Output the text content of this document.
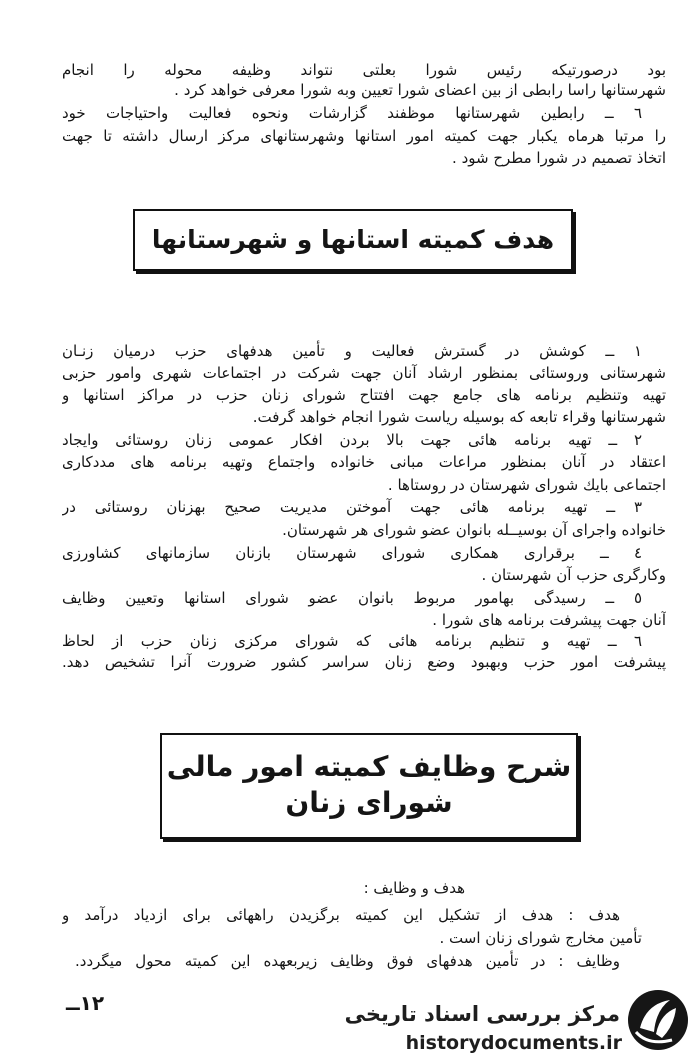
بود درصورتیکه رئیس شورا بعلتی نتواند وظیفه محوله را انجام
شهرستانها راسا رابطی از بین اعضای شورا تعیین وبه شورا معرفی خواهد کرد .
٦ ــ رابطین شهرستانها موظفند گزارشات ونحوه فعالیت واحتیاجات خود
را مرتبا هرماه یکبار جهت کمیته امور استانها وشهرستانهای مرکز ارسال داشته تا جهت
اتخاذ تصمیم در شورا مطرح شود .
هدف کمیته استانها و شهرستانها
١ ــ کوشش در گسترش فعالیت و تأمین هدفهای حزب درمیان زنـان
شهرستانی وروستائی بمنظور ارشاد آنان جهت شرکت در اجتماعات شهری وامور حزبی
تهیه وتنظیم برنامه های جامع جهت افتتاح شورای زنان حزب در مراکز استانها و
شهرستانها وقراء تابعه که بوسیله ریاست شورا انجام خواهد گرفت.
٢ ــ تهیه برنامه هائی جهت بالا بردن افکار عمومی زنان روستائی وایجاد
اعتقاد در آنان بمنظور مراعات مبانی خانواده واجتماع وتهیه برنامه های مددکاری
اجتماعی بایك شورای شهرستان در روستاها .
٣ ــ تهیه برنامه هائی جهت آموختن مدیریت صحیح بهزنان روستائی در
خانواده واجرای آن بوسیــله بانوان عضو شورای هر شهرستان.
٤ ــ برقراری همکاری شورای شهرستان بازنان سازمانهای کشاورزی
وکارگری حزب آن شهرستان .
٥ ــ رسیدگی بهامور مربوط بانوان عضو شورای استانها وتعیین وظایف
آنان جهت پیشرفت برنامه های شورا .
٦ ــ تهیه و تنظیم برنامه هائی که شورای مرکزی زنان حزب از لحاظ
پیشرفت امور حزب وبهبود وضع زنان سراسر کشور ضرورت آنرا تشخیص دهد.
شرح وظایف کمیته امور مالی
شورای زنان
هدف و وظایف :
هدف : هدف از تشکیل این کمیته برگزیدن راههائی برای ازدیاد درآمد و
تأمین مخارج شورای زنان است .
وظایف : در تأمین هدفهای فوق وظایف زیربعهده این کمیته محول میگردد.
١٢ــ	مرکز بررسی اسناد تاریخی
historydocuments.ir
